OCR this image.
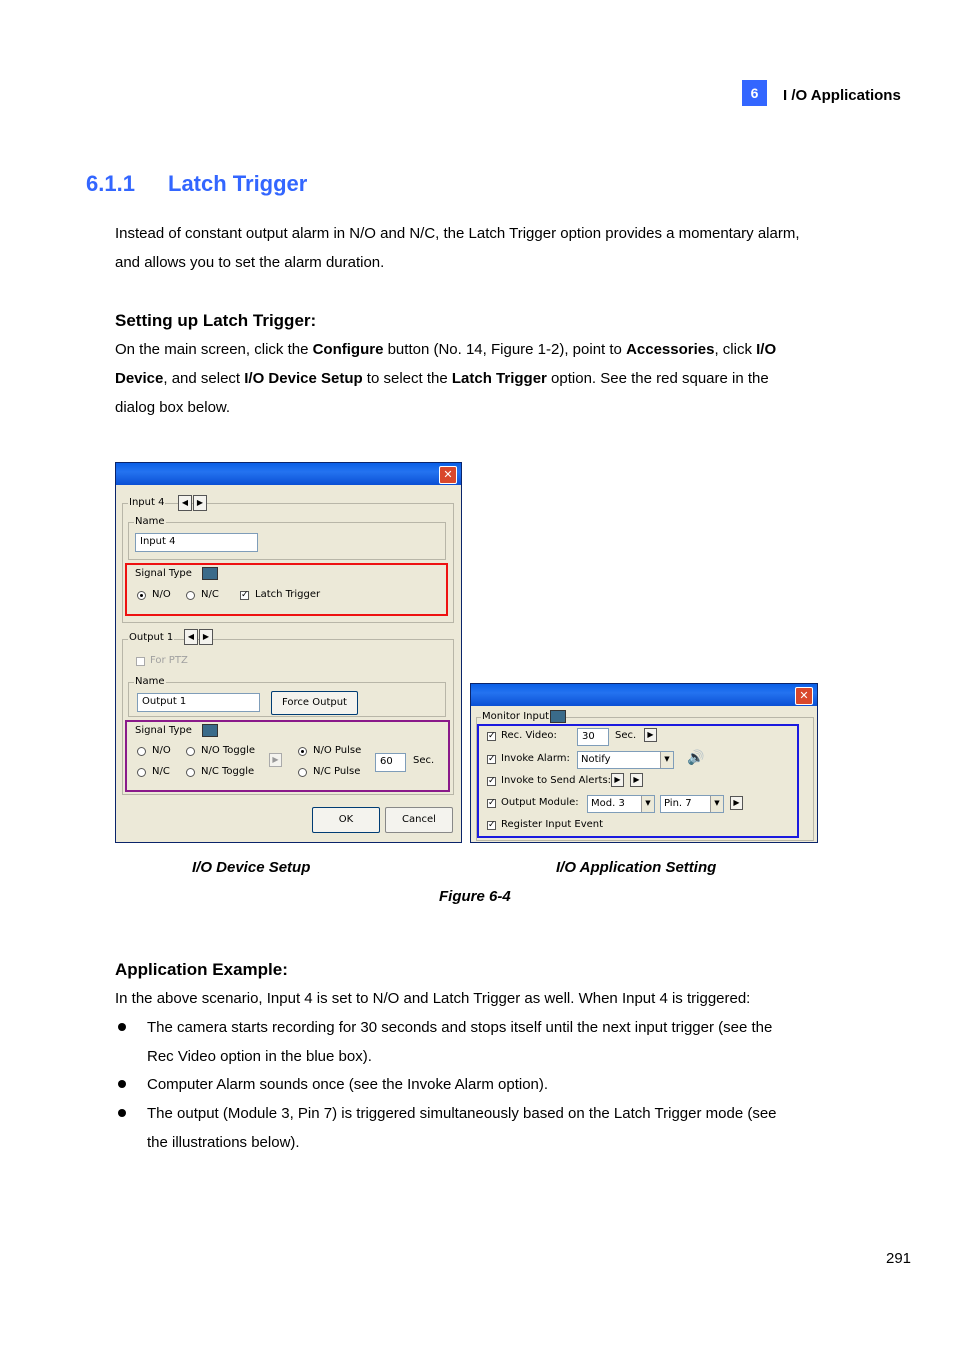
6	I /O Applications
6.1.1 Latch Trigger
Instead of constant output alarm in N/O and N/C, the Latch Trigger option provides a momentary alarm,
and allows you to set the alarm duration.
Setting up Latch Trigger:
On the main screen, click the Configure button (No. 14, Figure 1-2), point to Accessories, click I/O
Device, and select I/O Device Setup to select the Latch Trigger option. See the red square in the
dialog box below.
✕
Input 4	◀	▶
Name
Input 4
Signal Type
N/O	N/C ✓ Latch Trigger
Output 1	◀	▶
For PTZ
Name
Output 1	Force Output
Signal Type
N/O	N/O Toggle
▶
N/O Pulse
N/C	N/C Toggle	N/C Pulse
60	Sec.
OK	Cancel
✕
Monitor Input
✓ Rec. Video:	30	Sec.	▶
✓ Invoke Alarm:	Notify	▼ 🔊
✓ Invoke to Send Alerts: ▶	▶
✓ Output Module:	Mod. 3	▼	Pin. 7	▼	▶
✓ Register Input Event
I/O Device Setup	I/O Application Setting
Figure 6-4
Application Example:
In the above scenario, Input 4 is set to N/O and Latch Trigger as well. When Input 4 is triggered:
The camera starts recording for 30 seconds and stops itself until the next input trigger (see the
Rec Video option in the blue box).
Computer Alarm sounds once (see the Invoke Alarm option).
The output (Module 3, Pin 7) is triggered simultaneously based on the Latch Trigger mode (see
the illustrations below).
291
